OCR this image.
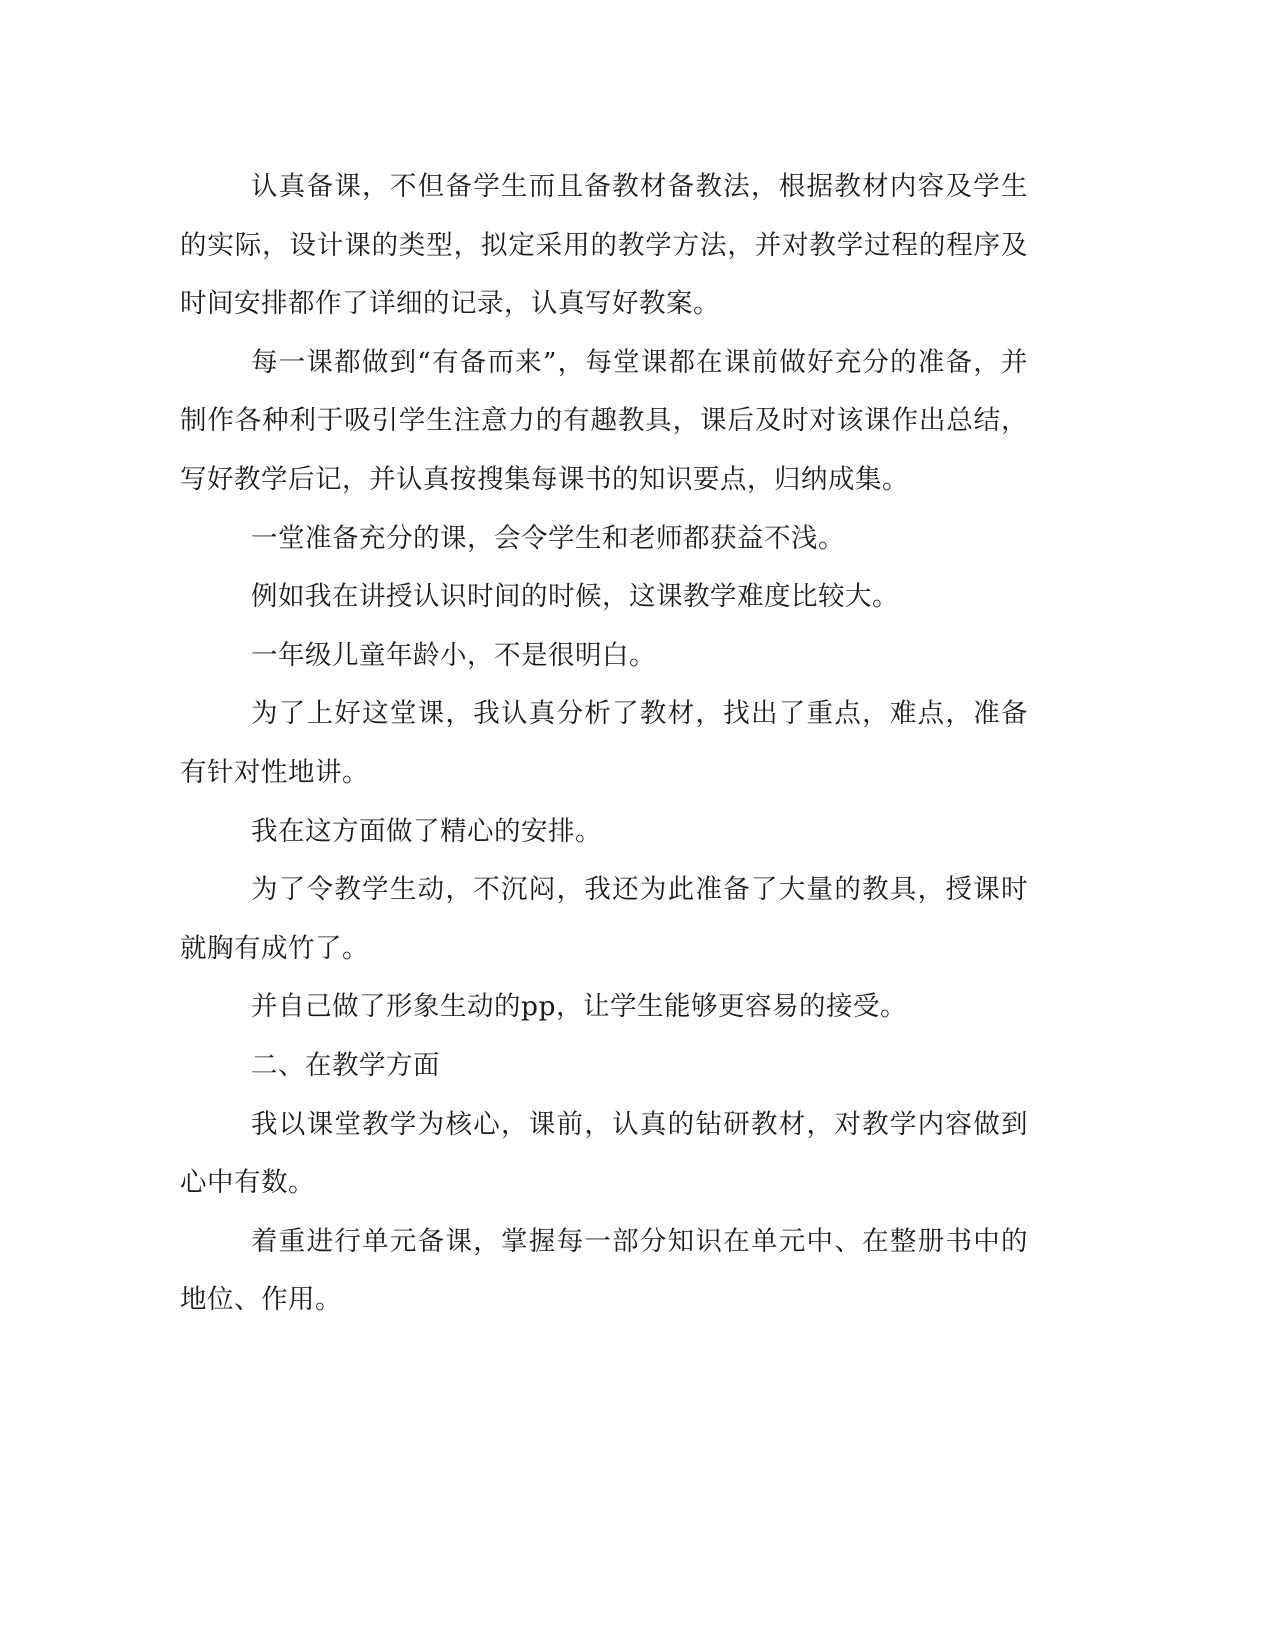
认真备课，不但备学生而且备教材备教法，根据教材内容及学生的实际，设计课的类型，拟定采用的教学方法，并对教学过程的程序及时间安排都作了详细的记录，认真写好教案。

每一课都做到“有备而来”，每堂课都在课前做好充分的准备，并制作各种利于吸引学生注意力的有趣教具，课后及时对该课作出总结，写好教学后记，并认真按搜集每课书的知识要点，归纳成集。

一堂准备充分的课，会令学生和老师都获益不浅。

例如我在讲授认识时间的时候，这课教学难度比较大。

一年级儿童年龄小，不是很明白。

为了上好这堂课，我认真分析了教材，找出了重点，难点，准备有针对性地讲。

我在这方面做了精心的安排。

为了令教学生动，不沉闷，我还为此准备了大量的教具，授课时就胸有成竹了。

并自己做了形象生动的pp，让学生能够更容易的接受。

二、在教学方面

我以课堂教学为核心，课前，认真的钻研教材，对教学内容做到心中有数。

着重进行单元备课，掌握每一部分知识在单元中、在整册书中的地位、作用。
